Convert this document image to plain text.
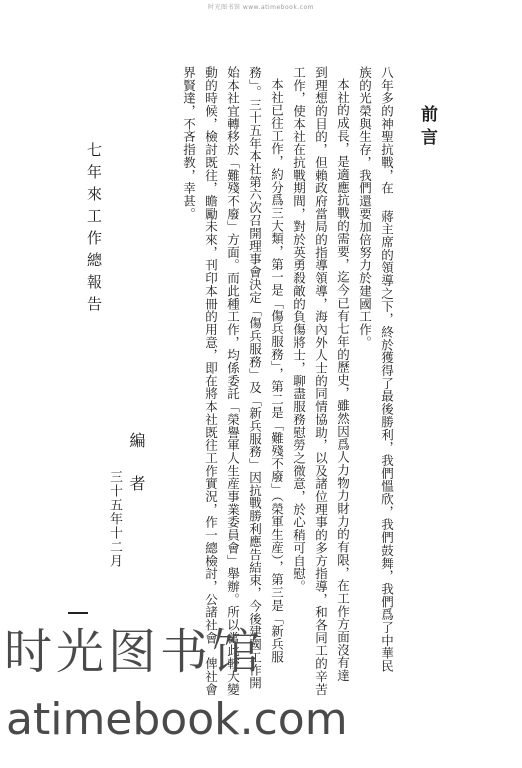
时光图书馆 www.atimebook.com
前言
八年多的神聖抗戰，在 蔣主席的領導之下，終於獲得了最後勝利，我們慍欣，我們鼓舞，我們爲了中華民
族的光榮與生存，我們還要加倍努力於建國工作。
本社的成長，是適應抗戰的需要，迄今已有七年的歷史，雖然因爲人力物力財力的有限，在工作方面沒有達
到理想的目的，但賴政府當局的指導領導，海內外人士的同情協助，以及諸位理事的多方指導，和各同工的辛苦
工作，使本社在抗戰期間，對於英勇殺敵的負傷將士，聊盡服務慰勞之微意，於心稍可自慰。
本社已往工作，約分爲三大類，第一是「傷兵服務」，第二是「難殘不廢」（榮軍生産），第三是「新兵服
務」。三十五年本社第六次召開理事會決定「傷兵服務」及「新兵服務」因抗戰勝利應告結束，今後建國工作開
始本社宜轉移於「難殘不廢」方面。而此種工作，均係委託「榮譽軍人生産事業委員會」舉辦。所以當此較大變
動的時候，檢討既往，瞻勵未來，刊印本冊的用意，即在將本社既往工作實況，作一總檢討，公諸社會，俾社會
界賢達，不吝指教，幸甚。
編 者
三十五年十二月
七年來工作總報告
时光图书馆
atimebook.com
